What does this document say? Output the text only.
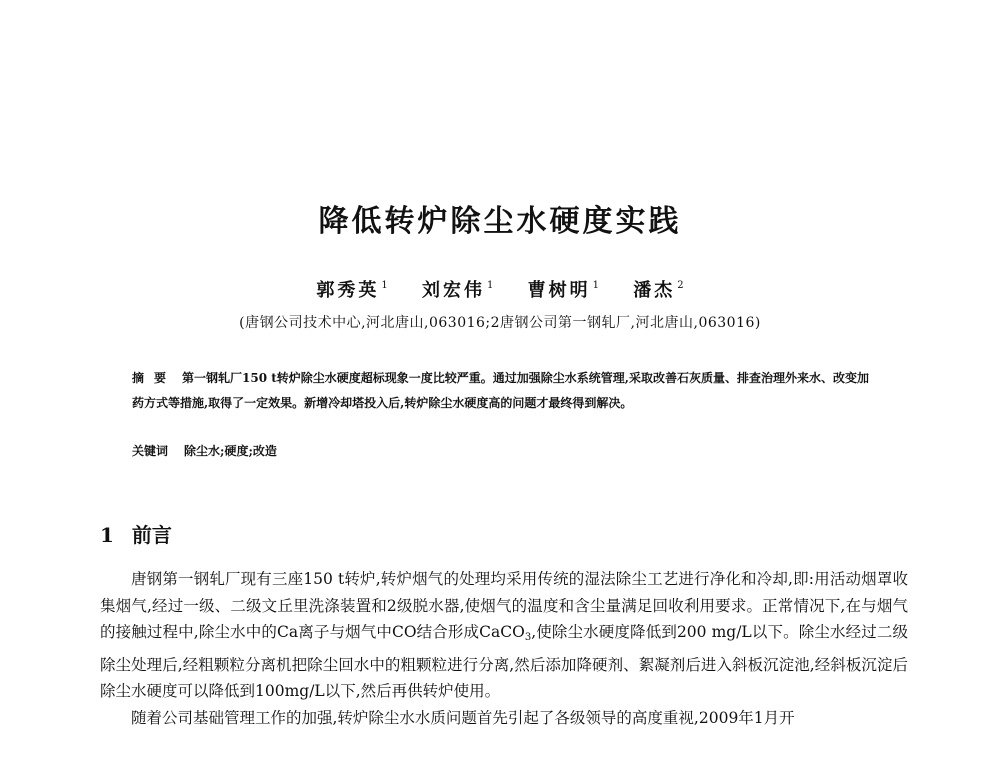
降低转炉除尘水硬度实践
郭秀英 $^1$ 刘宏伟 $^1$ 曹树明 $^1$ 潘杰 $^2$
(唐钢公司技术中心,河北唐山,063016;2唐钢公司第一钢轧厂,河北唐山,063016)
摘要 第一钢轧厂150 t转炉除尘水硬度超标现象一度比较严重。通过加强除尘水系统管理,采取改善石灰质量、排查治理外来水、改变加药方式等措施,取得了一定效果。新增冷却塔投入后,转炉除尘水硬度高的问题才最终得到解决。
关键词 除尘水;硬度;改造
1 前言

唐钢第一钢轧厂现有三座150 t转炉,转炉烟气的处理均采用传统的湿法除尘工艺进行净化和冷却,即:用活动烟罩收集烟气,经过一级、二级文丘里洗涤装置和2级脱水器,使烟气的温度和含尘量满足回收利用要求。正常情况下,在与烟气的接触过程中,除尘水中的Ca离子与烟气中CO结合形成CaCO$_3$,使除尘水硬度降低到200 mg/L以下。除尘水经过二级除尘处理后,经粗颗粒分离机把除尘回水中的粗颗粒进行分离,然后添加降硬剂、絮凝剂后进入斜板沉淀池,经斜板沉淀后除尘水硬度可以降低到100mg/L以下,然后再供转炉使用。

随着公司基础管理工作的加强,转炉除尘水水质问题首先引起了各级领导的高度重视,2009年1月开
